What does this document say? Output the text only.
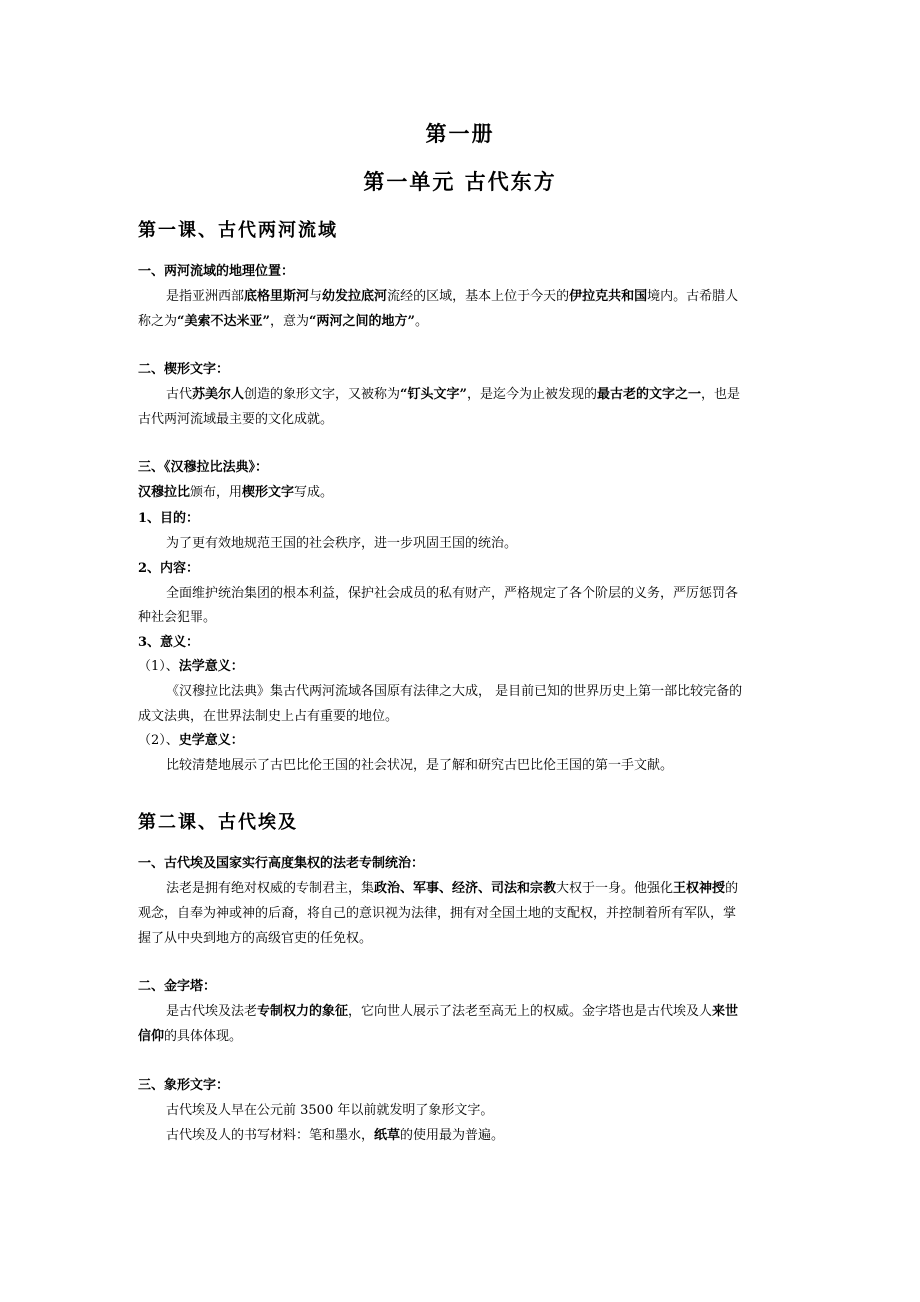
第一册
第一单元 古代东方
第一课、古代两河流域
一、两河流域的地理位置：
是指亚洲西部底格里斯河与幼发拉底河流经的区域，基本上位于今天的伊拉克共和国境内。古希腊人
称之为“美索不达米亚”，意为“两河之间的地方”。
二、楔形文字：
古代苏美尔人创造的象形文字，又被称为“钉头文字”，是迄今为止被发现的最古老的文字之一，也是
古代两河流域最主要的文化成就。
三、《汉穆拉比法典》：
汉穆拉比颁布，用楔形文字写成。
1、目的：
为了更有效地规范王国的社会秩序，进一步巩固王国的统治。
2、内容：
全面维护统治集团的根本利益，保护社会成员的私有财产，严格规定了各个阶层的义务，严厉惩罚各
种社会犯罪。
3、意义：
（1）、法学意义：
《汉穆拉比法典》集古代两河流域各国原有法律之大成， 是目前已知的世界历史上第一部比较完备的
成文法典，在世界法制史上占有重要的地位。
（2）、史学意义：
比较清楚地展示了古巴比伦王国的社会状况，是了解和研究古巴比伦王国的第一手文献。
第二课、古代埃及
一、古代埃及国家实行高度集权的法老专制统治：
法老是拥有绝对权威的专制君主，集政治、军事、经济、司法和宗教大权于一身。他强化王权神授的
观念，自奉为神或神的后裔，将自己的意识视为法律，拥有对全国土地的支配权，并控制着所有军队，掌
握了从中央到地方的高级官吏的任免权。
二、金字塔：
是古代埃及法老专制权力的象征，它向世人展示了法老至高无上的权威。金字塔也是古代埃及人来世
信仰的具体体现。
三、象形文字：
古代埃及人早在公元前 3500 年以前就发明了象形文字。
古代埃及人的书写材料：笔和墨水，纸草的使用最为普遍。
